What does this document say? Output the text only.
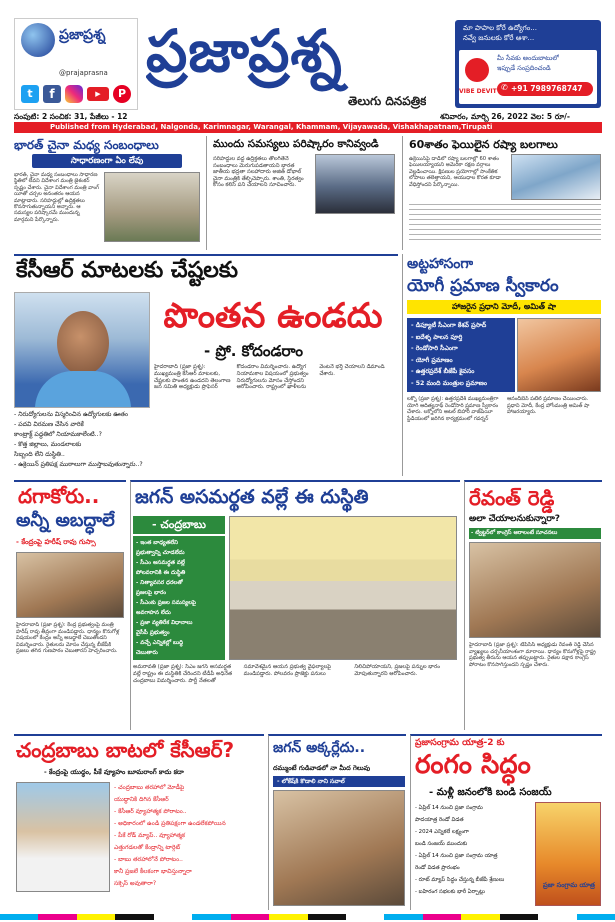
ప్రజాప్రశ్న
@prajaprasna
t	f	▶	P
ప్రజాప్రశ్న
తెలుగు దినపత్రిక
మా పాపాల కోరే ఉద్యోగం...
నవ్వే జనులకు కోరే ఆశా...
VIBE DEVIT
మీ సేవకు అందుబాటులో
ఇప్పుడే సంప్రదించండి
✆ +91 7989768747
సంపుటి: 2 సంచిక: 31, పేజీలు - 12	శనివారం, మార్చి 26, 2022 వెల: 5 రూ/-
Published from Hyderabad, Nalgonda, Karimnagar, Warangal, Khammam, Vijayawada, Vishakhapatnam,Tirupati
భారత్ చైనా మధ్య సంబంధాలు
సాధారణంగా ఏం లేవు
భారత్‌, చైనా మధ్య సంబంధాలు సాధారణ స్థితిలో లేవని విదేశాంగ మంత్రి జైశంకర్‌ స్పష్టం చేశారు. చైనా విదేశాంగ మంత్రి వాంగ్‌ యీతో చర్చల అనంతరం ఆయన మాట్లాడారు. సరిహద్దుల్లో ఉద్రిక్తతలు కొనసాగుతున్నాయని అన్నారు. ఆ సమస్యల పరిష్కారమే ముందున్న మార్గమని పేర్కొన్నారు.
ముందు సమస్యలు పరిష్కారం కానివ్వండి
సరిహద్దుల వద్ద ఉద్రిక్తతలు తొలగితేనే సంబంధాలు మెరుగుపడతాయని భారత జాతీయ భద్రతా సలహాదారు అజిత్‌ డోభాల్‌ చైనా మంత్రికి తేల్చిచెప్పారు. శాంతి, స్థిరత్వం కోసం కలిసి పని చేయాలని సూచించారు.
60శాతం ఫెయిలైన రష్యా బలగాలు
ఉక్రెయిన్‌పై దాడిలో రష్యా బలగాల్లో 60 శాతం ఫెయిలయ్యాయని అమెరికా రక్షణ వర్గాలు వెల్లడించాయి. క్షిపణుల ప్రయోగాల్లో సాంకేతిక లోపాలు తలెత్తాయని, ఆయుధాల కొరత కూడా వేధిస్తోందని పేర్కొన్నాయి.
కేసీఆర్‌ మాటలకు చేష్టలకు
పొంతన ఉండదు
- ప్రో. కోదండరాం
హైదరాబాద్‌ (ప్రజా ప్రశ్న): ముఖ్యమంత్రి కేసీఆర్‌ మాటలకు, చేష్టలకు పొంతన ఉండదని తెలంగాణ జన సమితి అధ్యక్షుడు ప్రొఫెసర్‌ కోదండరాం విమర్శించారు. ఉద్యోగ నియామకాల విషయంలో ప్రభుత్వం నిరుద్యోగులను మోసం చేస్తోందని ఆరోపించారు. రాష్ట్రంలో ఖాళీలను వెంటనే భర్తీ చేయాలని డిమాండ్‌ చేశారు.
- నిరుద్యోగులను విస్మరించిన ఉద్యోగులకు ఊతం
- పదవి విరమణ చేసిన వారికే
కాంట్రాక్ట్‌ పద్ధతిలో నియామకాలేంటి..?
- కొత్త జిల్లాలు, మండలాలకు
సిబ్బంది లేని దుస్థితి..
- ఉక్రెయిన్‌ ప్రతిపక్ష ముఠాలుగా ముస్తాబవుతున్నారు..?
అట్టహాసంగా
యోగీ ప్రమాణ స్వీకారం
హాజరైన ప్రధాని మోదీ, అమిత్‌ షా
- డిప్యూటీ సీఎంగా కేశవ్‌ ప్రసాద్‌
- ఐదేళ్ళ పాలన పూర్తి
- రెండోసారి సీఎంగా
- యోగీ ప్రమాణం
- ఉత్తరప్రదేశ్‌ బీజేపీ కైవసం
- 52 మంది మంత్రుల ప్రమాణం
లక్నో (ప్రజా ప్రశ్న): ఉత్తరప్రదేశ్‌ ముఖ్యమంత్రిగా యోగి ఆదిత్యనాథ్‌ రెండోసారి ప్రమాణ స్వీకారం చేశారు. లక్నోలోని అటల్‌ బిహారీ వాజ్‌పేయీ స్టేడియంలో జరిగిన కార్యక్రమంలో గవర్నర్‌ ఆనందీబెన్‌ పటేల్‌ ప్రమాణం చేయించారు. ప్రధాని మోదీ, కేంద్ర హోంమంత్రి అమిత్‌ షా హాజరయ్యారు.
దగాకోరు..
అన్నీ అబద్ధాలే
- కేంద్రంపై హరీష్‌ రావు గుస్సా
హైదరాబాద్‌ (ప్రజా ప్రశ్న): కేంద్ర ప్రభుత్వంపై మంత్రి హరీష్‌ రావు తీవ్రంగా మండిపడ్డారు. ధాన్యం కొనుగోళ్ల విషయంలో కేంద్రం అన్నీ అబద్ధాలే చెబుతోందని విమర్శించారు. రైతులను మోసం చేస్తున్న బీజేపీకి ప్రజలు తగిన గుణపాఠం చెబుతారని హెచ్చరించారు.
జగన్‌ అసమర్థత వల్లే ఈ దుస్థితి
- చంద్రబాబు
- ఇంత బాధ్యతలేని
ప్రభుత్వాన్ని చూడలేదు
- సీఎం అసమర్థత వల్లే
పోలవరానికి ఈ దుస్థితి
- నిత్యావసర ధరలతో
ప్రజలపై భారం
- సీఎంకు ప్రజల సమస్యలపై
అవగాహన లేదు
- ప్రజా వ్యతిరేక విధానాలు
వైసీపీ ప్రభుత్వం
- వచ్చే ఎన్నికల్లో బుద్ధి
చెబుతారు
అమరావతి (ప్రజా ప్రశ్న): సీఎం జగన్‌ అసమర్థత వల్లే రాష్ట్రం ఈ దుస్థితికి చేరిందని టీడీపీ అధినేత చంద్రబాబు విమర్శించారు. పార్టీ నేతలతో సమావేశమైన ఆయన ప్రభుత్వ వైఫల్యాలపై మండిపడ్డారు. పోలవరం ప్రాజెక్టు పనులు నిలిచిపోయాయని, ప్రజలపై పన్నుల భారం మోపుతున్నారని ఆరోపించారు.
రేవంత్‌ రెడ్డి
అలా చేయాలనుకున్నారా?
- ట్విట్టర్‌లో కాంగ్రెస్‌ ఆరాలంటే సూచనలు
హైదరాబాద్‌ (ప్రజా ప్రశ్న): టీపీసీసీ అధ్యక్షుడు రేవంత్‌ రెడ్డి చేసిన వ్యాఖ్యలు చర్చనీయాంశంగా మారాయి. ధాన్యం కొనుగోళ్లపై రాష్ట్ర ప్రభుత్వ తీరును ఆయన తప్పుబట్టారు. రైతుల పక్షాన కాంగ్రెస్‌ పోరాటం కొనసాగిస్తుందని స్పష్టం చేశారు.
చంద్రబాబు బాటలో కేసీఆర్‌?
- కేంద్రంపై యుద్ధం, పీకే వ్యూహం బూమరాంగ్‌ కాదు కదా
- చంద్రబాబు తరహాలో మోడీపై
యుద్ధానికి దిగిన కేసీఆర్‌
- కేసీఆర్‌ వ్యూహాత్మక పోరాటం..
- అధికారంలో ఉండి ప్రతిపక్షంగా ఉండలేకపోయిన
- పీకే రోడ్‌ మ్యాప్‌.. వ్యూహాత్మక
ఎత్తుగడలతో కేంద్రాన్ని టార్గెట్‌
- బాబు తరహాలోనే పోరాటం..
కానీ ప్రజలే కీలకంగా భావిస్తున్నారా
సక్సెస్‌ అవుతారా?
జగన్‌ అక్కర్లేదు..
దమ్ముంటే గుడివాడలో నా మీద గెలువు
- లోకేష్‌కి కొడాలి నాని సవాల్‌
ప్రజాసంగ్రామ యాత్ర-2 కు
రంగం సిద్ధం
- మళ్లీ జనంలోకి బండి సంజయ్‌
- ఏప్రిల్‌ 14 నుంచి ప్రజా సంగ్రామ
పాదయాత్ర రెండో విడత
- 2024 ఎన్నికలే లక్ష్యంగా
బండి సంజయ్‌ ముందుకు
- ఏప్రిల్‌ 14 నుంచి ప్రజా సంగ్రామ యాత్ర
రెండో విడత ప్రారంభం
- రూట్‌ మ్యాప్‌ సిద్ధం చేస్తున్న బీజేపీ శ్రేణులు
- బహిరంగ సభలకు భారీ ఏర్పాట్లు
ప్రజా సంగ్రామ యాత్ర
